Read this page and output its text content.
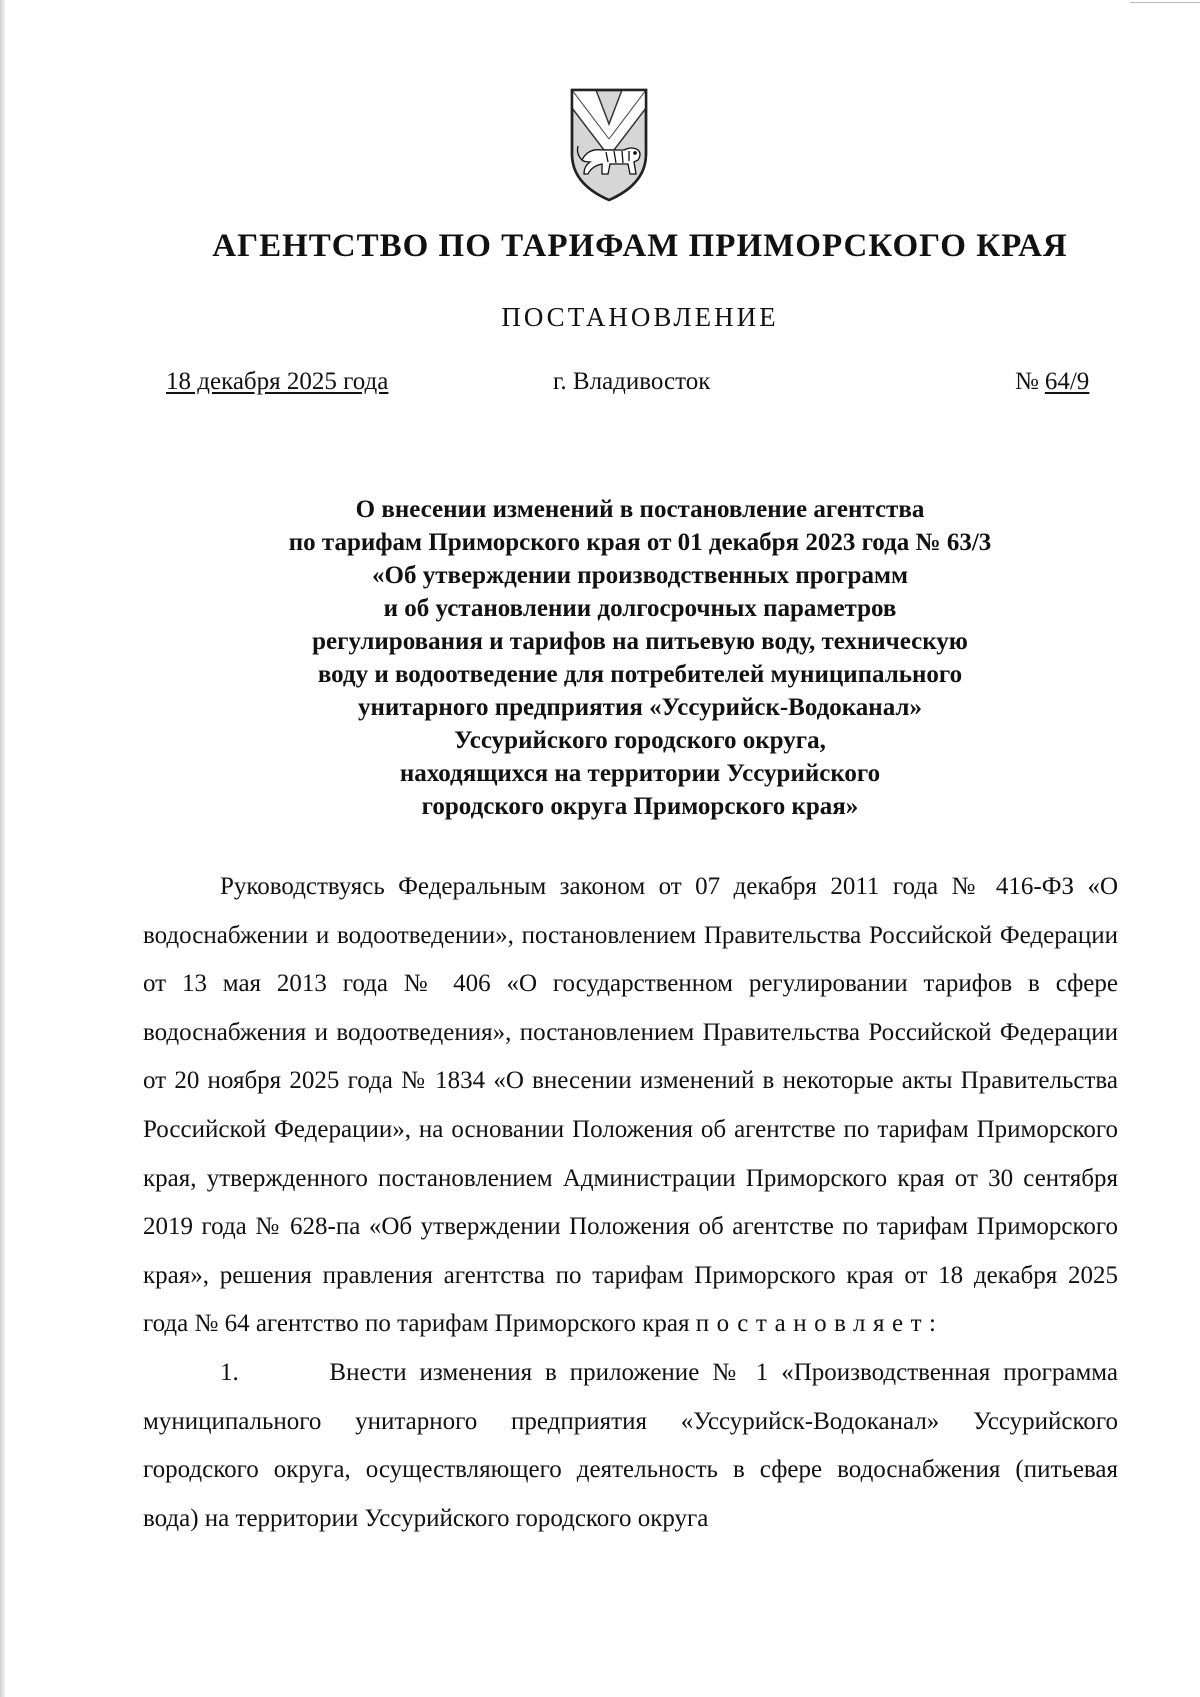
АГЕНТСТВО ПО ТАРИФАМ ПРИМОРСКОГО КРАЯ
ПОСТАНОВЛЕНИЕ
18 декабря 2025 года	г. Владивосток	№ 64/9
О внесении изменений в постановление агентства
по тарифам Приморского края от 01 декабря 2023 года № 63/3
«Об утверждении производственных программ
и об установлении долгосрочных параметров
регулирования и тарифов на питьевую воду, техническую
воду и водоотведение для потребителей муниципального
унитарного предприятия «Уссурийск-Водоканал»
Уссурийского городского округа,
находящихся на территории Уссурийского
городского округа Приморского края»

Руководствуясь Федеральным законом от 07 декабря 2011 года № 416-ФЗ «О водоснабжении и водоотведении», постановлением Правительства Российской Федерации от 13 мая 2013 года № 406 «О государственном регулировании тарифов в сфере водоснабжения и водоотведения», постановлением Правительства Российской Федерации от 20 ноября 2025 года № 1834 «О внесении изменений в некоторые акты Правительства Российской Федерации», на основании Положения об агентстве по тарифам Приморского края, утвержденного постановлением Администрации Приморского края от 30 сентября 2019 года № 628-па «Об утверждении Положения об агентстве по тарифам Приморского края», решения правления агентства по тарифам Приморского края от 18 декабря 2025 года № 64 агентство по тарифам Приморского края постановляет:

1.	Внести изменения в приложение № 1 «Производственная программа муниципального унитарного предприятия «Уссурийск-Водоканал» Уссурийского городского округа, осуществляющего деятельность в сфере водоснабжения (питьевая вода) на территории Уссурийского городского округа
